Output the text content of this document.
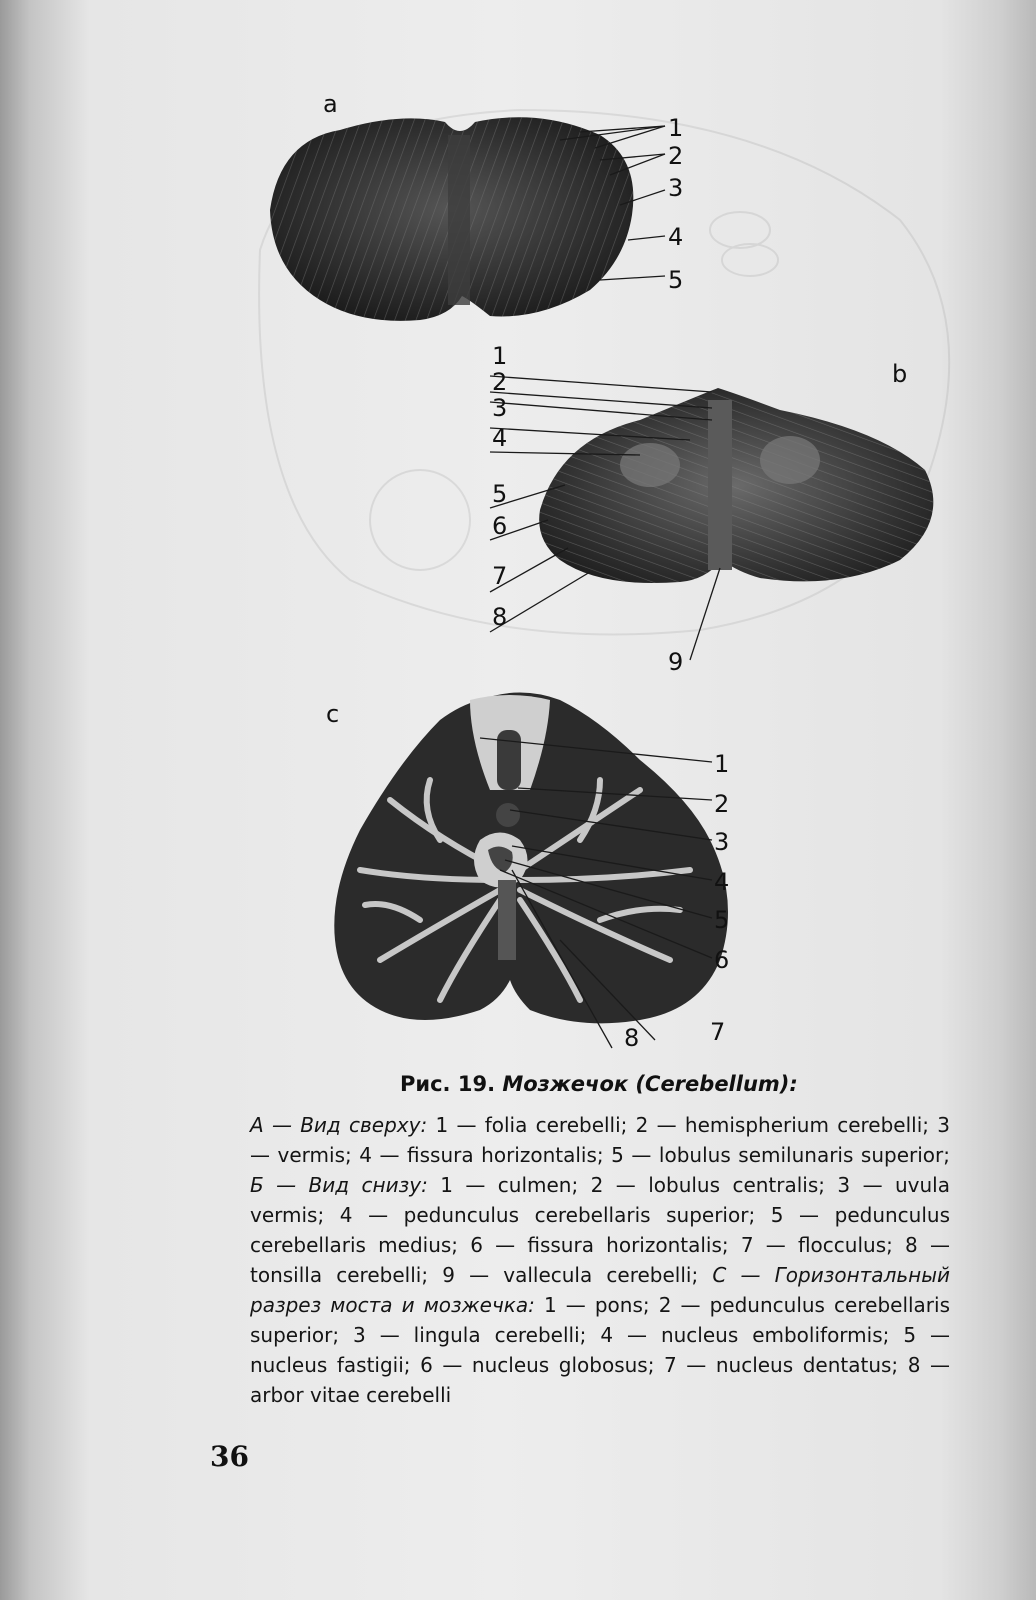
a
1
2
3
4
5
b
1
2
3
4
5
6
7
8
9
c
1
2
3
4
5
6
8	7
Рис. 19. Мозжечок (Cerebellum):
A — Вид сверху: 1 — folia cerebelli; 2 — hemispherium cerebelli; 3 — vermis; 4 — fissura horizontalis; 5 — lobulus semilunaris superior; Б — Вид снизу: 1 — culmen; 2 — lobulus centralis; 3 — uvula vermis; 4 — pedunculus cerebellaris superior; 5 — pedunculus cerebellaris medius; 6 — fissura horizontalis; 7 — flocculus; 8 — tonsilla cerebelli; 9 — vallecula cerebelli; С — Горизонтальный разрез моста и мозжечка: 1 — pons; 2 — pedunculus cerebellaris superior; 3 — lingula cerebelli; 4 — nucleus emboliformis; 5 — nucleus fastigii; 6 — nucleus globosus; 7 — nucleus dentatus; 8 — arbor vitae cerebelli
36
